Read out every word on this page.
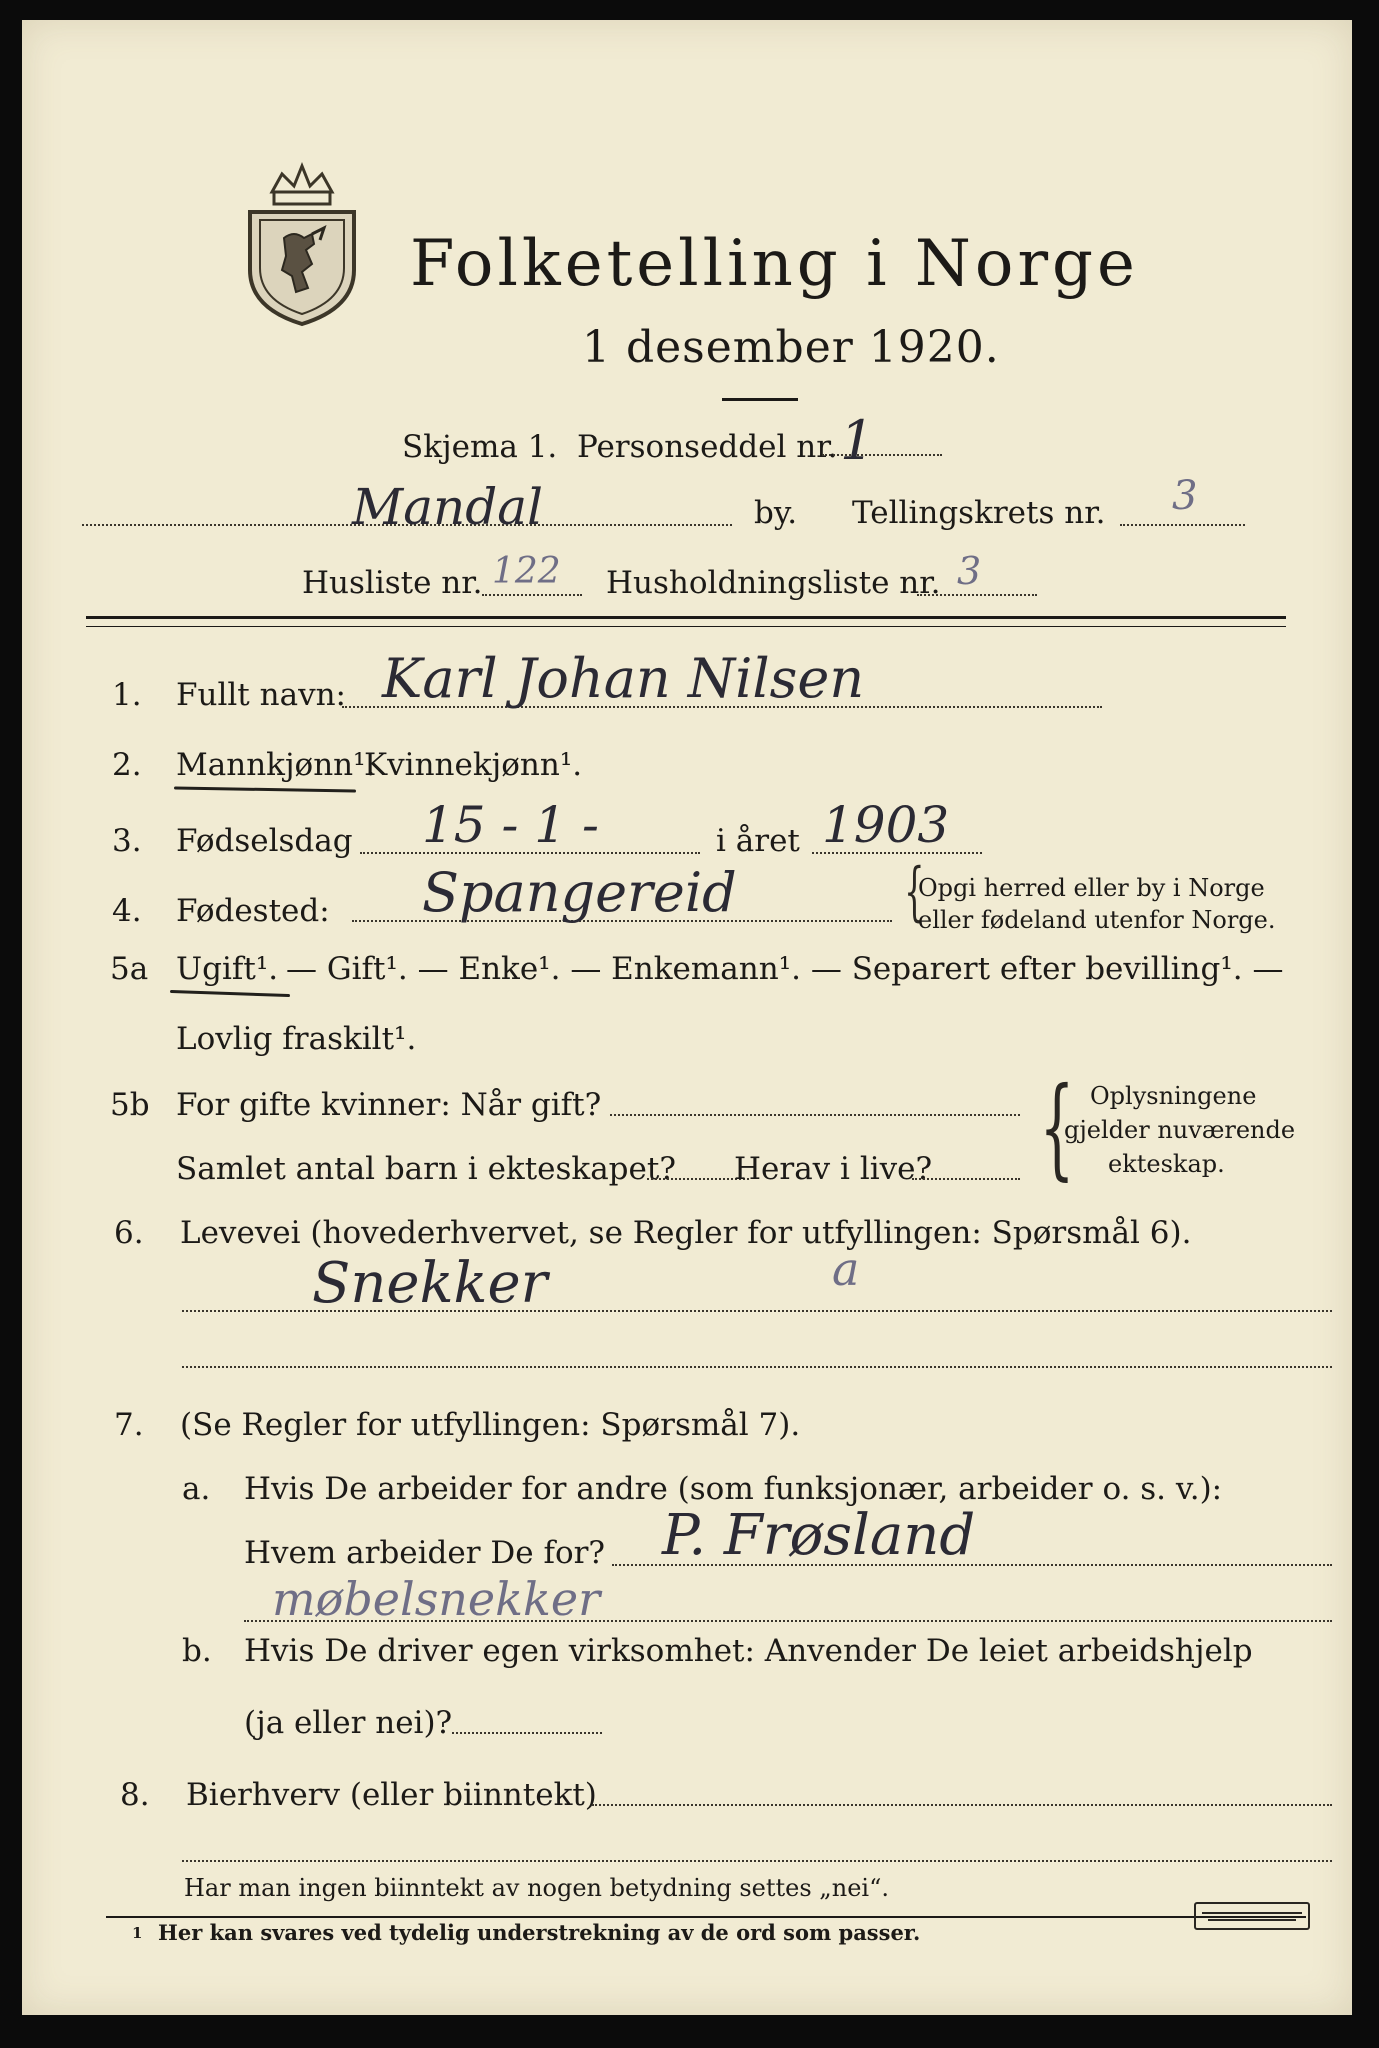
Folketelling i Norge
1 desember 1920.
Skjema 1. Personseddel nr. 1
Mandal	by. Tellingskrets nr. 3
Husliste nr. 122 Husholdningsliste nr. 3
1. Fullt navn: Karl Johan Nilsen
2. Mannkjønn¹.
Kvinnekjønn¹.
3. Fødselsdag 15 - 1 -	i året 1903
4. Fødested: Spangereid	{
Opgi herred eller by i Norge
eller fødeland utenfor Norge.
5a Ugift¹. — Gift¹. — Enke¹. — Enkemann¹. — Separert efter bevilling¹. —
Lovlig fraskilt¹.
5b For gifte kvinner: Når gift?
Samlet antal barn i ekteskapet? Herav i live? { Oplysningene
gjelder nuværende
ekteskap.
6. Levevei (hovederhvervet, se Regler for utfyllingen: Spørsmål 6).
Snekker	a
7. (Se Regler for utfyllingen: Spørsmål 7).
a. Hvis De arbeider for andre (som funksjonær, arbeider o. s. v.):
Hvem arbeider De for? P. Frøsland
møbelsnekker
b. Hvis De driver egen virksomhet: Anvender De leiet arbeidshjelp
(ja eller nei)?
8. Bierhverv (eller biinntekt)
Har man ingen biinntekt av nogen betydning settes „nei“.
1 Her kan svares ved tydelig understrekning av de ord som passer.
